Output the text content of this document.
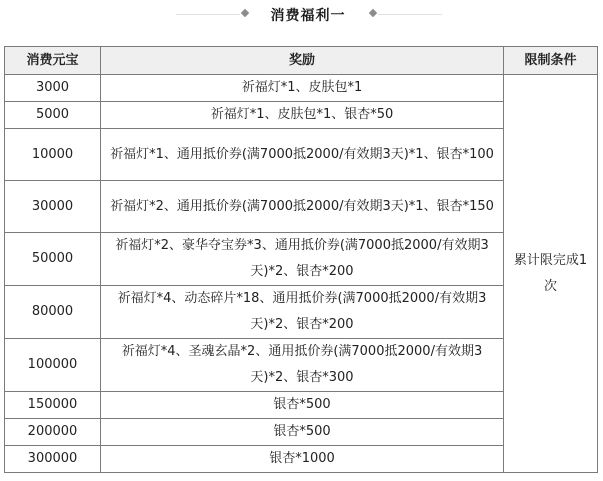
消费福利一
消费元宝	奖励	限制条件
3000	祈福灯*1、皮肤包*1	累计限完成1次
5000	祈福灯*1、皮肤包*1、银杏*50	
10000	祈福灯*1、通用抵价券(满7000抵2000/有效期3天)*1、银杏*100	
30000	祈福灯*2、通用抵价券(满7000抵2000/有效期3天)*1、银杏*150	
50000	祈福灯*2、豪华夺宝券*3、通用抵价券(满7000抵2000/有效期3天)*2、银杏*200	
80000	祈福灯*4、动态碎片*18、通用抵价券(满7000抵2000/有效期3天)*2、银杏*200	
100000	祈福灯*4、圣魂玄晶*2、通用抵价券(满7000抵2000/有效期3天)*2、银杏*300	
150000	银杏*500	
200000	银杏*500	
300000	银杏*1000	
